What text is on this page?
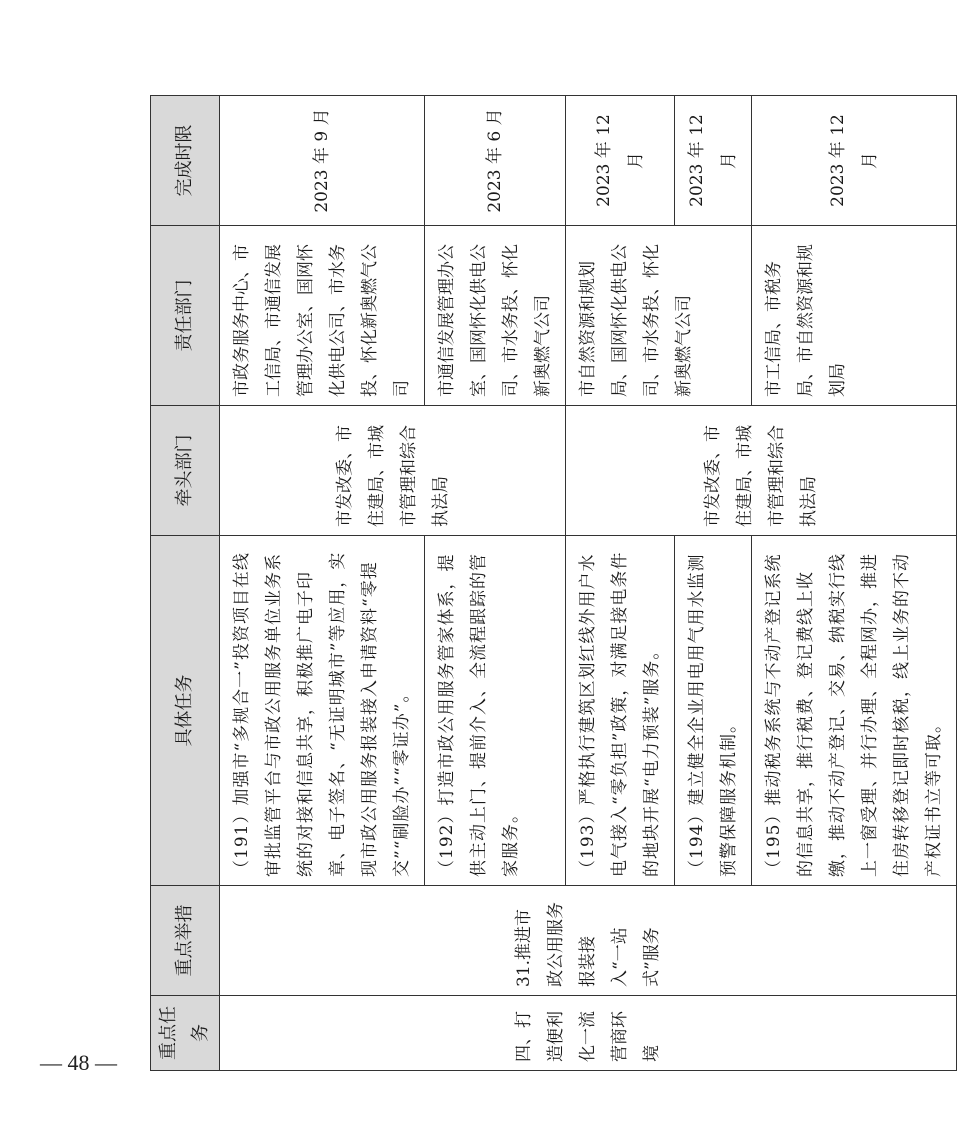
— 48 —
重点任务	重点举措	具体任务	牵头部门	责任部门	完成时限
四、打造便利化一流营商环境	31.推进市政公用服务报装接入“一站式”服务	（191）加强市“多规合一”投资项目在线审批监管平台与市政公用服务单位业务系统的对接和信息共享，积极推广电子印章、电子签名、“无证明城市”等应用，实现市政公用服务报装接入申请资料“零提交”“刷脸办”“零证办”。	市发改委、市住建局、市城市管理和综合执法局	市政务服务中心、市工信局、市通信发展管理办公室、国网怀化供电公司、市水务投、怀化新奥燃气公司	2023 年 9 月
		（192）打造市政公用服务管家体系，提供主动上门、提前介入、全流程跟踪的管家服务。		市通信发展管理办公室、国网怀化供电公司、市水务投、怀化新奥燃气公司	2023 年 6 月
		（193）严格执行建筑区划红线外用户水电气接入“零负担”政策，对满足接电条件的地块开展“电力预装”服务。	市发改委、市住建局、市城市管理和综合执法局	市自然资源和规划局、国网怀化供电公司、市水务投、怀化新奥燃气公司	2023 年 12 月
		（194）建立健全企业用电用气用水监测预警保障服务机制。			2023 年 12 月
		（195）推动税务系统与不动产登记系统的信息共享，推行税费、登记费线上收缴，推动不动产登记、交易、纳税实行线上一窗受理、并行办理、全程网办，推进住房转移登记即时核税，线上业务的不动产权证书立等可取。		市工信局、市税务局、市自然资源和规划局	2023 年 12 月
